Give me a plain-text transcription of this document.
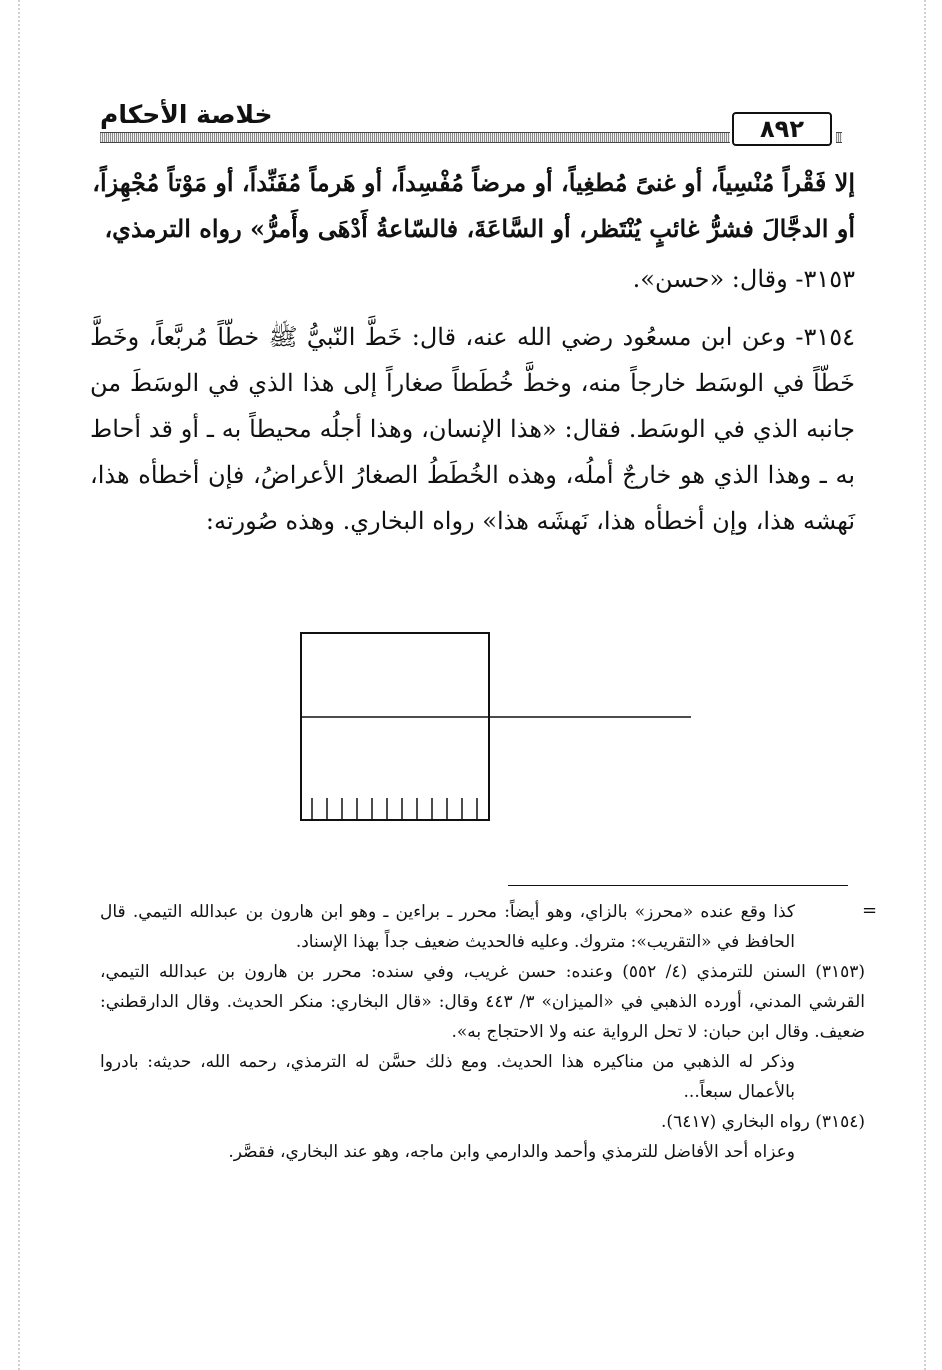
خلاصة الأحكام	٨٩٢

إلا فَقْراً مُنْسِياً، أو غنىً مُطغِياً، أو مرضاً مُفْسِداً، أو هَرماً مُفَنِّداً، أو مَوْتاً مُجْهِزاً،

أو الدجَّالَ فشرُّ غائبٍ يُنْتَظر، أو السَّاعَةَ، فالسّاعةُ أَدْهَى وأَمرُّ» رواه الترمذي،

٣١٥٣- وقال: «حسن».

٣١٥٤- وعن ابن مسعُود رضي الله عنه، قال: خَطَّ النّبيُّ ﷺ خطّاً مُربَّعاً، وخَطَّ خَطّاً في الوسَط خارجاً منه، وخطَّ خُطَطاً صغاراً إلى هذا الذي في الوسَطَ من جانبه الذي في الوسَط. فقال: «هذا الإنسان، وهذا أجلُه محيطاً به ـ أو قد أحاط به ـ وهذا الذي هو خارجٌ أملُه، وهذه الخُطَطُ الصغارُ الأعراضُ، فإن أخطأه هذا، نَهشه هذا، وإن أخطأه هذا، نَهشَه هذا» رواه البخاري. وهذه صُورته:

=

كذا وقع عنده «محرز» بالزاي، وهو أيضاً: محرر ـ براءين ـ وهو ابن هارون بن عبدالله التيمي. قال الحافظ في «التقريب»: متروك. وعليه فالحديث ضعيف جداً بهذا الإسناد.

(٣١٥٣) السنن للترمذي (٤/ ٥٥٢) وعنده: حسن غريب، وفي سنده: محرر بن هارون بن عبدالله التيمي، القرشي المدني، أورده الذهبي في «الميزان» ٣/ ٤٤٣ وقال: «قال البخاري: منكر الحديث. وقال الدارقطني: ضعيف. وقال ابن حبان: لا تحل الرواية عنه ولا الاحتجاج به».

وذكر له الذهبي من مناكيره هذا الحديث. ومع ذلك حسَّن له الترمذي، رحمه الله، حديثه: بادروا بالأعمال سبعاً...

(٣١٥٤) رواه البخاري (٦٤١٧).

وعزاه أحد الأفاضل للترمذي وأحمد والدارمي وابن ماجه، وهو عند البخاري، فقصَّر.
